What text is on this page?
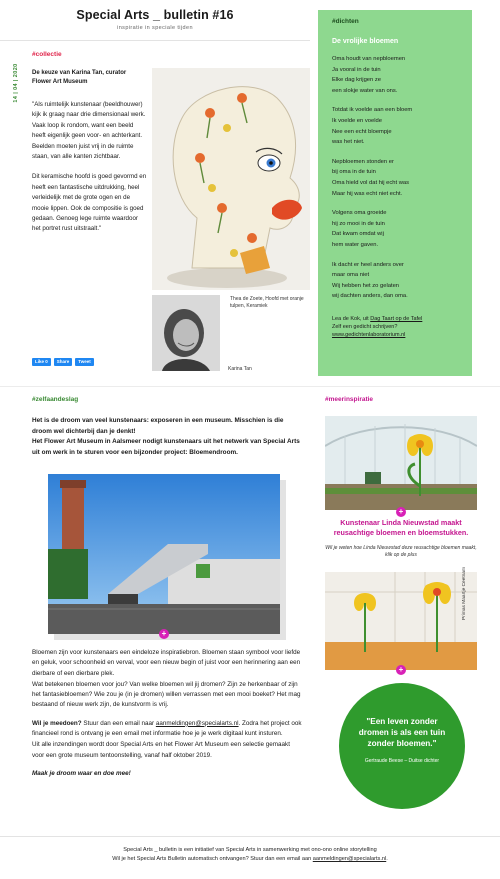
Special Arts _ bulletin #16
inspiratie in speciale tijden
14 | 04 | 2020
#collectie
De keuze van Karina Tan, curator Flower Art Museum

"Als ruimtelijk kunstenaar (beeldhouwer) kijk ik graag naar drie dimensionaal werk. Vaak loop ik rondom, want een beeld heeft eigenlijk geen voor- en achterkant. Beelden moeten juist vrij in de ruimte staan, van alle kanten zichtbaar.

Dit keramische hoofd is goed gevormd en heeft een fantastische uitdrukking, heel verleidelijk met de grote ogen en de mooie lippen. Ook de compositie is goed gedaan. Genoeg lege ruimte waardoor het portret rust uitstraalt."

Thea de Zoete, Hoofd met oranje tulpen, Keramiek
Karina Tan
Like 0	Share	Tweet
#dichten
De vrolijke bloemen
Oma houdt van nepbloemen
Ja vooral in de tuin
Elke dag krijgen ze
een slokje water van ons.
Totdat ik voelde aan een bloem
Ik voelde en voelde
Nee een echt bloempje
was het niet.
Nepbloemen stonden er
bij oma in de tuin
Oma hield vol dat hij echt was
Maar hij was echt niet echt.
Volgens oma groeide
hij zo mooi in de tuin
Dat kwam omdat wij
hem water gaven.
Ik dacht er heel anders over
maar oma niet
Wij hebben het zo gelaten
wij dachten anders, dan oma.
Lea de Kok, uit Dag Taart op de Tafel
Zelf een gedicht schrijven?
www.gedichtenlaboratorium.nl
#zelfaandeslag
Het is de droom van veel kunstenaars: exposeren in een museum. Misschien is die droom wel dichterbij dan je denkt!
Het Flower Art Museum in Aalsmeer nodigt kunstenaars uit het netwerk van Special Arts uit om werk in te sturen voor een bijzonder project: Bloemendroom.
+

Bloemen zijn voor kunstenaars een eindeloze inspiratiebron. Bloemen staan symbool voor liefde en geluk, voor schoonheid en verval, voor een nieuw begin of juist voor een herinnering aan een dierbare of een dierbare plek.

Wat betekenen bloemen voor jou? Van welke bloemen wil jij dromen? Zijn ze herkenbaar of zijn het fantasiebloemen? Wie zou je (in je dromen) willen verrassen met een mooi boeket? Het mag bestaand of nieuw werk zijn, de kunstvorm is vrij.

Wil je meedoen? Stuur dan een email naar aanmeldingen@specialarts.nl. Zodra het project ook financieel rond is ontvang je een email met informatie hoe je je werk digitaal kunt insturen.

Uit alle inzendingen wordt door Special Arts en het Flower Art Museum een selectie gemaakt voor een grote museum tentoonstelling, vanaf half oktober 2019.

Maak je droom waar en doe mee!

#meerinspiratie
Kunstenaar Linda Nieuwstad maakt reusachtige bloemen en bloemstukken.
Wil je weten hoe Linda Nieuwstad deze reusachtige bloemen maakt, klik op de plus
Primas Maartje Ceetnam
+
+
"Een leven zonder dromen is als een tuin zonder bloemen."
Gertraude Beese – Duitse dichter
Special Arts _ bulletin is een initiatief van Special Arts in samenwerking met ono-ono online storytelling
Wil je het Special Arts Bulletin automatisch ontvangen? Stuur dan een email aan aanmeldingen@specialarts.nl.
